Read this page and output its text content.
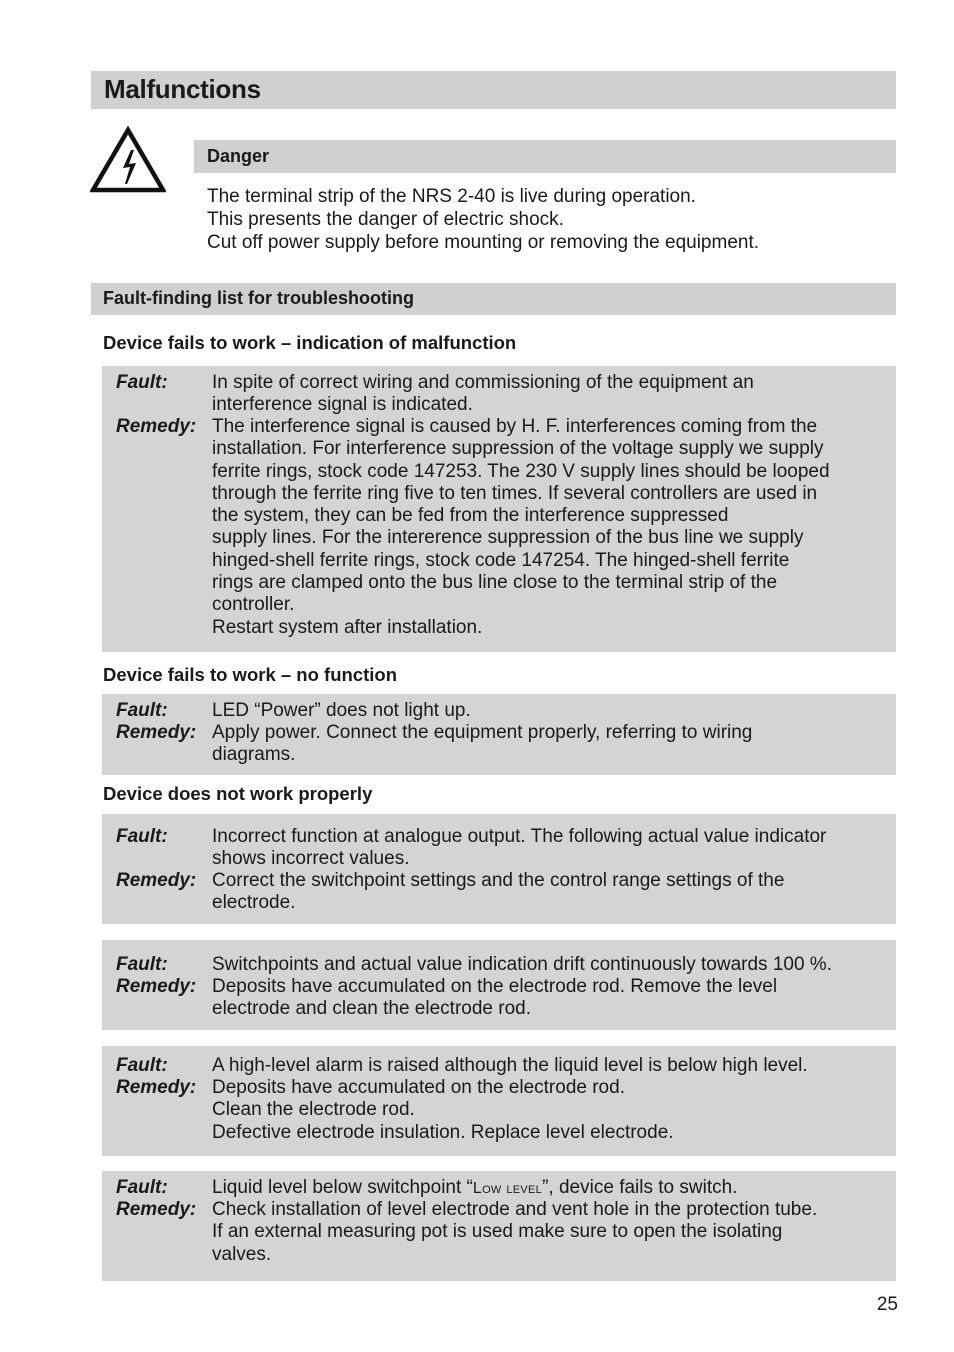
Malfunctions
Danger
The terminal strip of the NRS 2-40 is live during operation.
This presents the danger of electric shock.
Cut off power supply before mounting or removing the equipment.
Fault-finding list for troubleshooting
Device fails to work – indication of malfunction
Fault: In spite of correct wiring and commissioning of the equipment an
interference signal is indicated.
Remedy: The interference signal is caused by H. F. interferences coming from the
installation. For interference suppression of the voltage supply we supply
ferrite rings, stock code 147253. The 230 V supply lines should be looped
through the ferrite ring five to ten times. If several controllers are used in
the system, they can be fed from the interference suppressed
supply lines. For the intererence suppression of the bus line we supply
hinged-shell ferrite rings, stock code 147254. The hinged-shell ferrite
rings are clamped onto the bus line close to the terminal strip of the
controller.
Restart system after installation.
Device fails to work – no function
Fault: LED “Power” does not light up.
Remedy: Apply power. Connect the equipment properly, referring to wiring
diagrams.
Device does not work properly
Fault: Incorrect function at analogue output. The following actual value indicator
shows incorrect values.
Remedy: Correct the switchpoint settings and the control range settings of the
electrode.
Fault: Switchpoints and actual value indication drift continuously towards 100 %.
Remedy: Deposits have accumulated on the electrode rod. Remove the level
electrode and clean the electrode rod.
Fault: A high-level alarm is raised although the liquid level is below high level.
Remedy: Deposits have accumulated on the electrode rod.
Clean the electrode rod.
Defective electrode insulation. Replace level electrode.
Fault: Liquid level below switchpoint “Low level”, device fails to switch.
Remedy: Check installation of level electrode and vent hole in the protection tube.
If an external measuring pot is used make sure to open the isolating
valves.
25
